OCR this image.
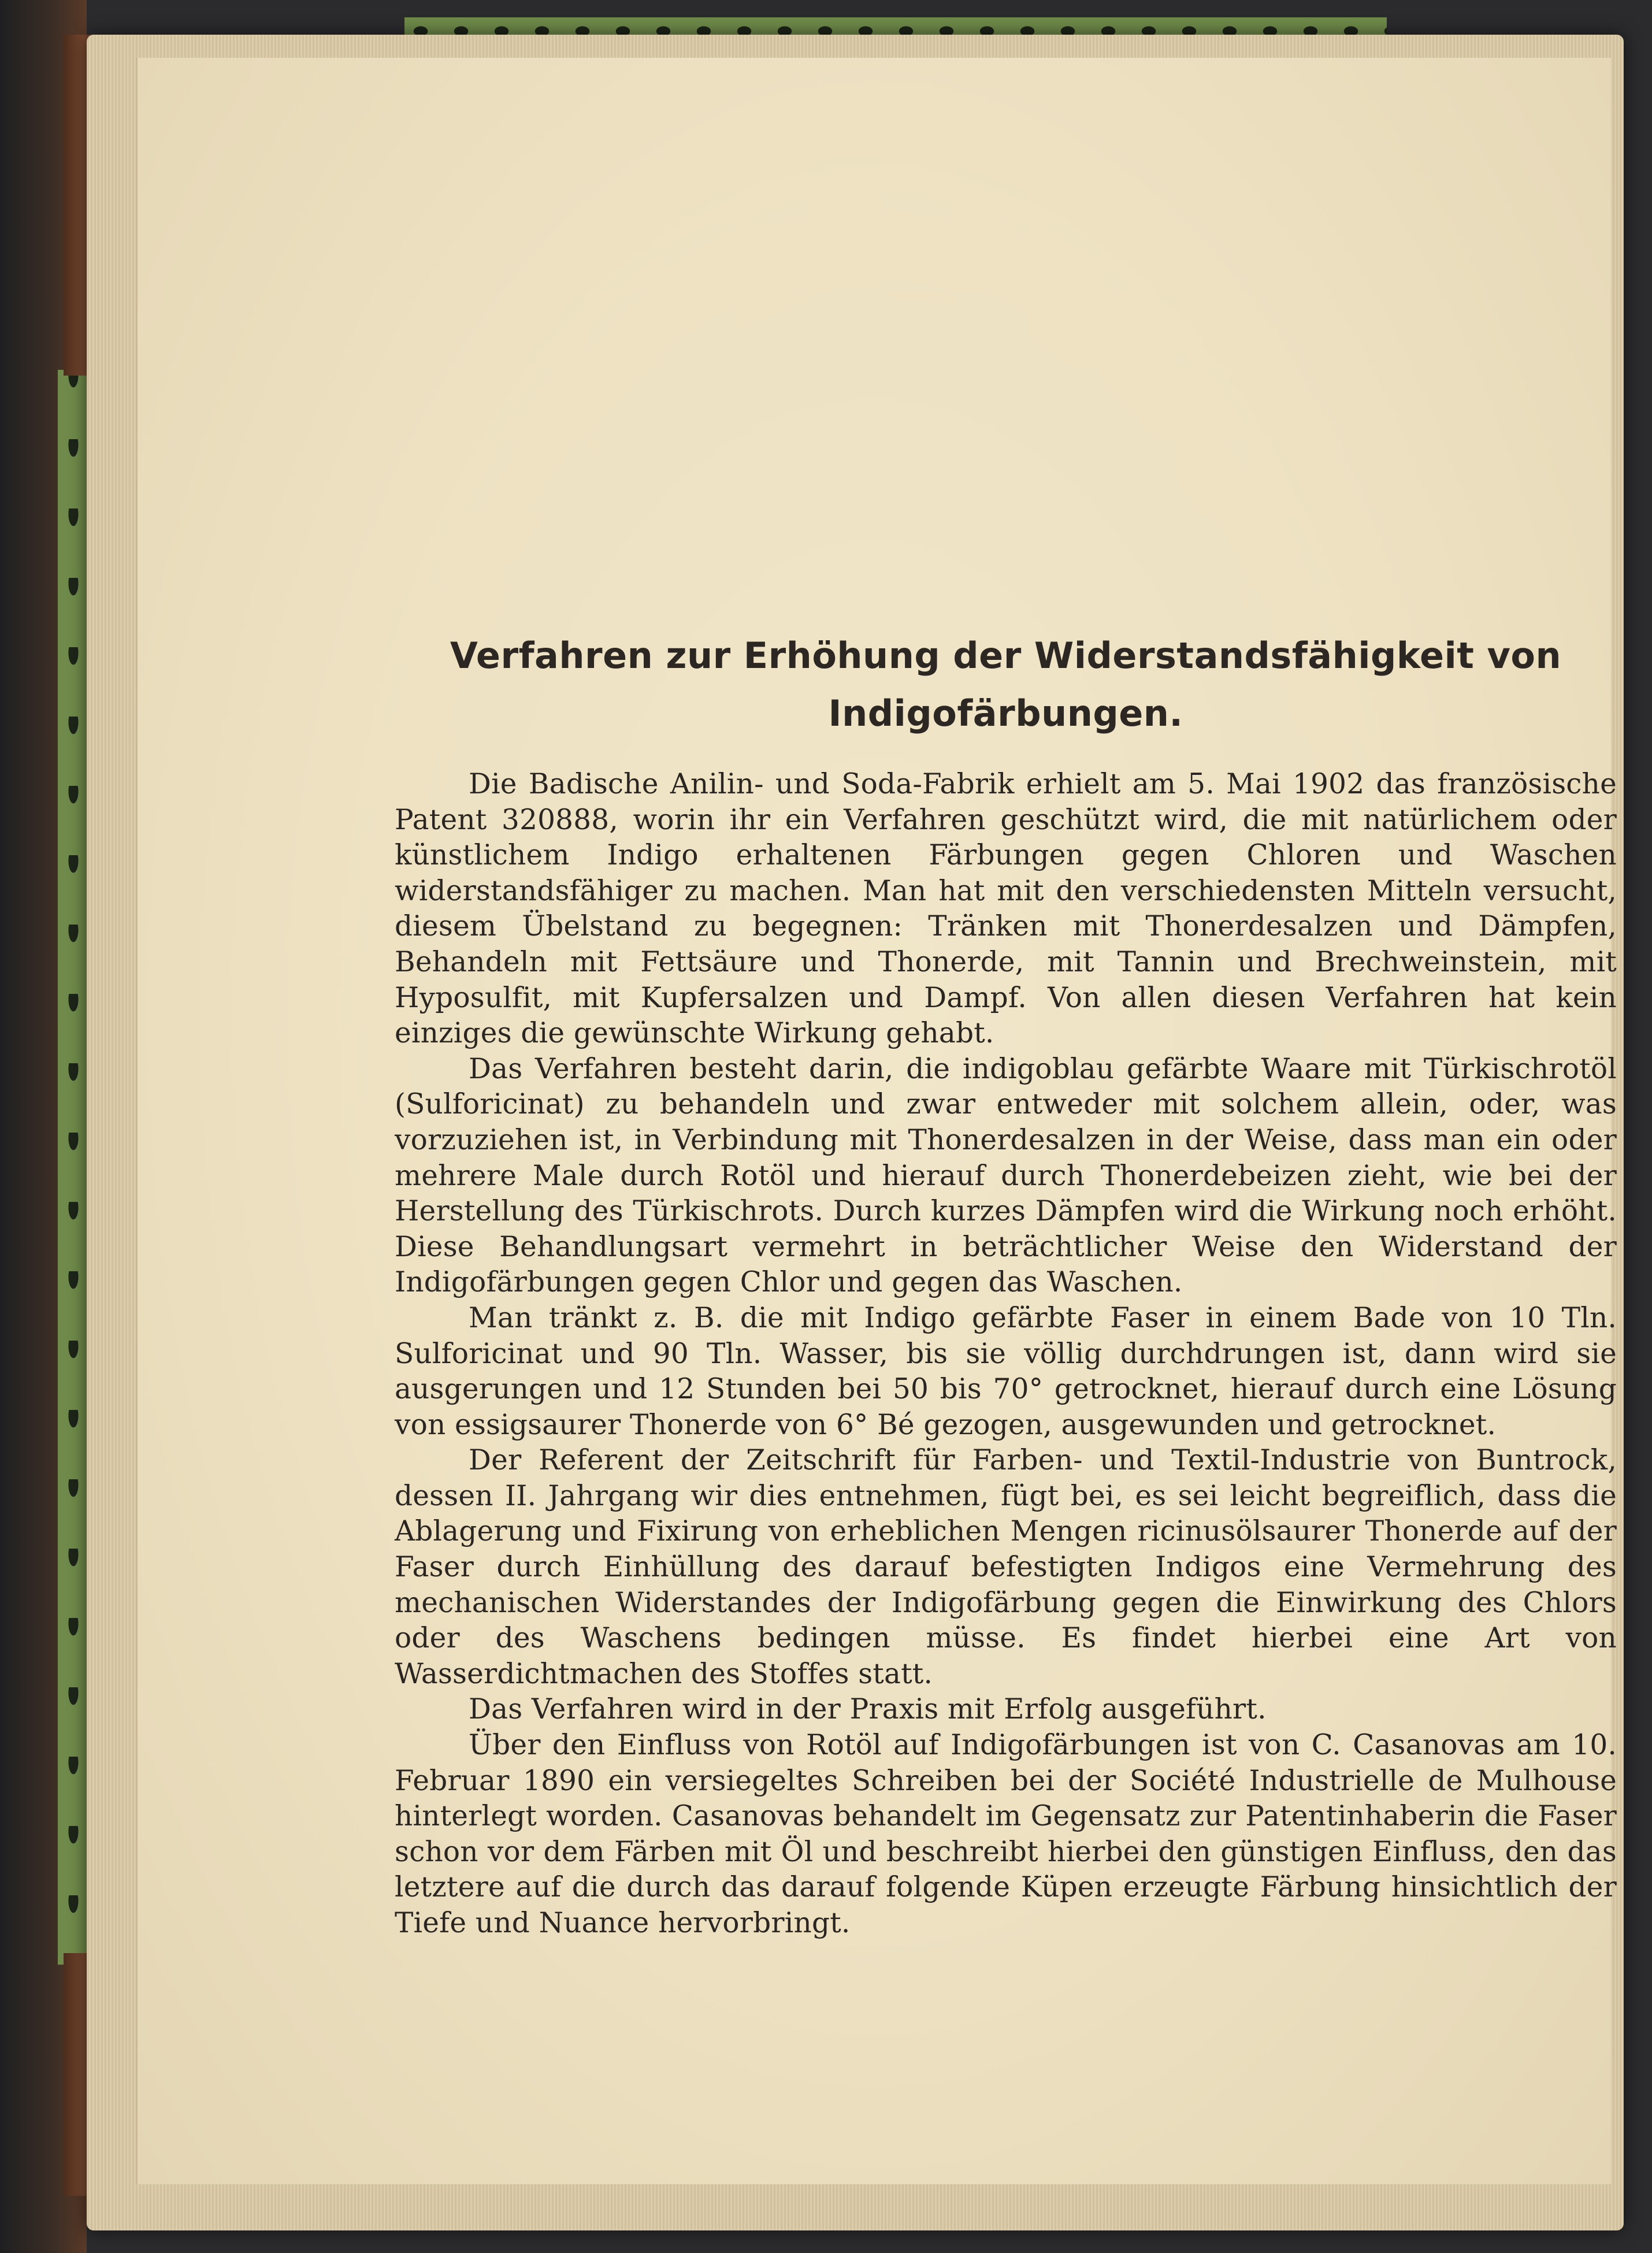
Verfahren zur Erhöhung der Widerstandsfähigkeit von
Indigofärbungen.

Die Badische Anilin- und Soda-Fabrik erhielt am 5. Mai 1902 das französische Patent 320888, worin ihr ein Verfahren geschützt wird, die mit natürlichem oder künstlichem Indigo erhaltenen Färbungen gegen Chloren und Waschen widerstandsfähiger zu machen. Man hat mit den verschiedensten Mitteln versucht, diesem Übelstand zu begegnen: Tränken mit Thonerdesalzen und Dämpfen, Behandeln mit Fettsäure und Thonerde, mit Tannin und Brechweinstein, mit Hyposulfit, mit Kupfersalzen und Dampf. Von allen diesen Verfahren hat kein einziges die gewünschte Wirkung gehabt.

Das Verfahren besteht darin, die indigoblau gefärbte Waare mit Türkischrotöl (Sulforicinat) zu behandeln und zwar entweder mit solchem allein, oder, was vorzuziehen ist, in Verbindung mit Thonerdesalzen in der Weise, dass man ein oder mehrere Male durch Rotöl und hierauf durch Thonerdebeizen zieht, wie bei der Herstellung des Türkischrots. Durch kurzes Dämpfen wird die Wirkung noch erhöht. Diese Behandlungsart vermehrt in beträchtlicher Weise den Widerstand der Indigofärbungen gegen Chlor und gegen das Waschen.

Man tränkt z. B. die mit Indigo gefärbte Faser in einem Bade von 10 Tln. Sulforicinat und 90 Tln. Wasser, bis sie völlig durchdrungen ist, dann wird sie ausgerungen und 12 Stunden bei 50 bis 70° getrocknet, hierauf durch eine Lösung von essigsaurer Thonerde von 6° Bé gezogen, ausgewunden und getrocknet.

Der Referent der Zeitschrift für Farben- und Textil-Industrie von Buntrock, dessen II. Jahrgang wir dies entnehmen, fügt bei, es sei leicht begreiflich, dass die Ablagerung und Fixirung von erheblichen Mengen ricinusölsaurer Thonerde auf der Faser durch Einhüllung des darauf befestigten Indigos eine Vermehrung des mechanischen Widerstandes der Indigofärbung gegen die Einwirkung des Chlors oder des Waschens bedingen müsse. Es findet hierbei eine Art von Wasserdichtmachen des Stoffes statt.

Das Verfahren wird in der Praxis mit Erfolg ausgeführt.

Über den Einfluss von Rotöl auf Indigofärbungen ist von C. Casanovas am 10. Februar 1890 ein versiegeltes Schreiben bei der Société Industrielle de Mulhouse hinterlegt worden. Casanovas behandelt im Gegensatz zur Patentinhaberin die Faser schon vor dem Färben mit Öl und beschreibt hierbei den günstigen Einfluss, den das letztere auf die durch das darauf folgende Küpen erzeugte Färbung hinsichtlich der Tiefe und Nuance hervorbringt.
